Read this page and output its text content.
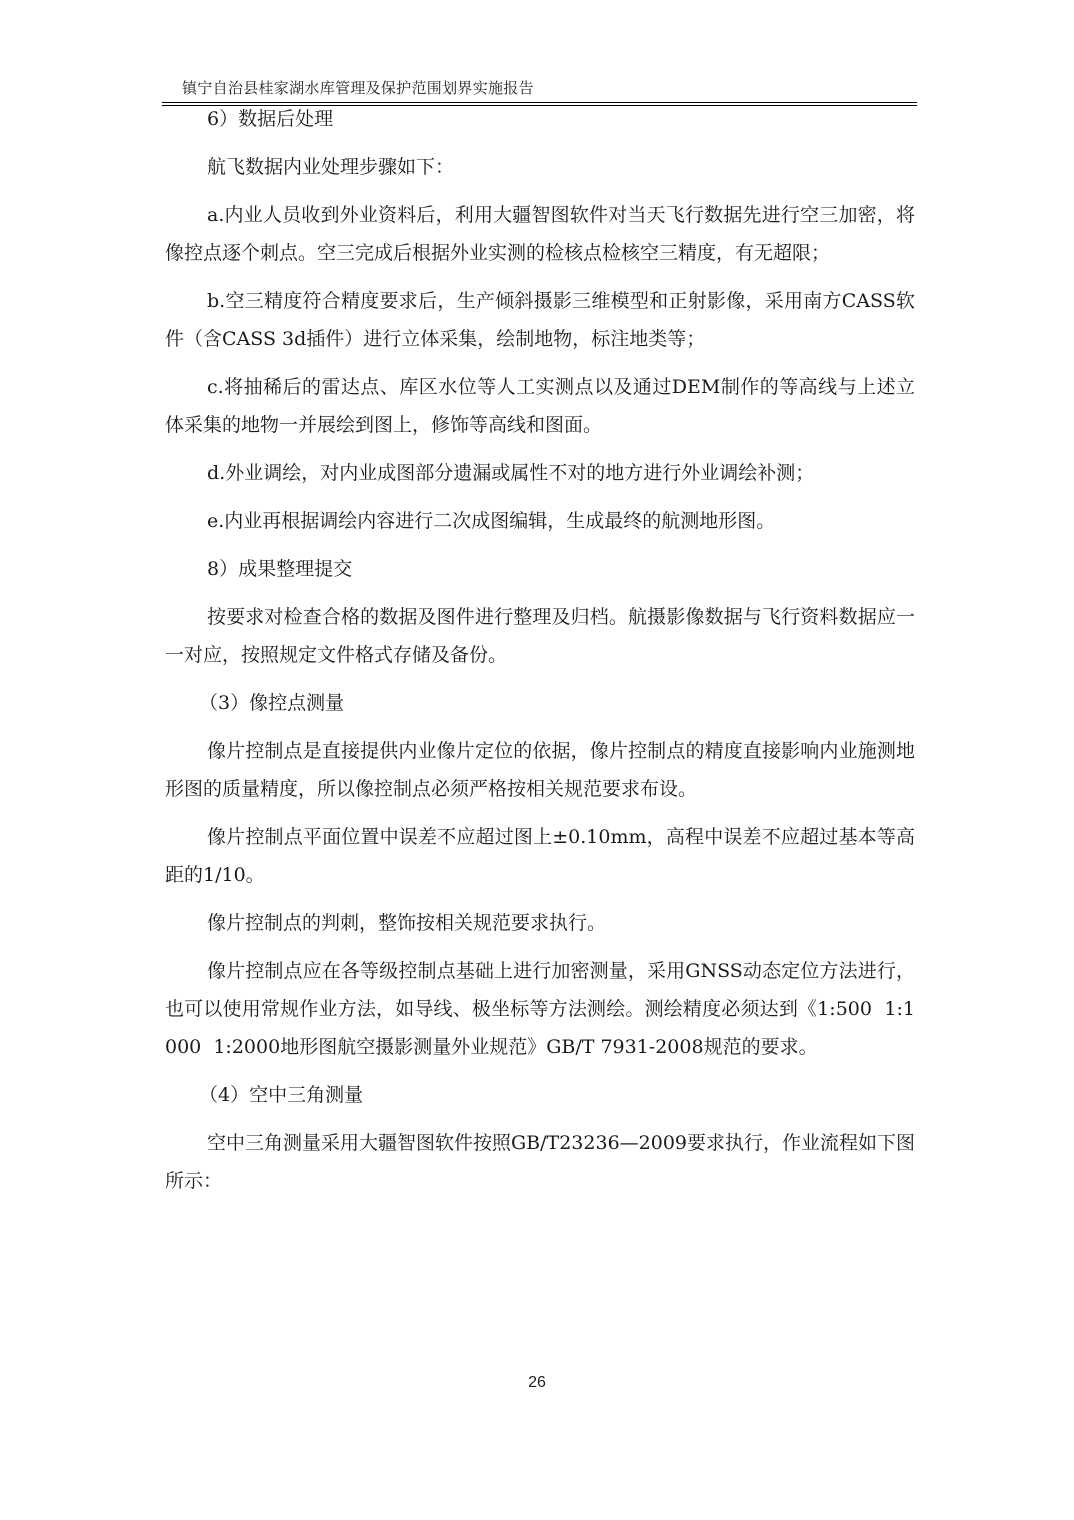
镇宁自治县桂家湖水库管理及保护范围划界实施报告

6）数据后处理

航飞数据内业处理步骤如下：

a.内业人员收到外业资料后，利用大疆智图软件对当天飞行数据先进行空三加密，将像控点逐个刺点。空三完成后根据外业实测的检核点检核空三精度，有无超限；

b.空三精度符合精度要求后，生产倾斜摄影三维模型和正射影像，采用南方CASS软件（含CASS 3d插件）进行立体采集，绘制地物，标注地类等；

c.将抽稀后的雷达点、库区水位等人工实测点以及通过DEM制作的等高线与上述立体采集的地物一并展绘到图上，修饰等高线和图面。

d.外业调绘，对内业成图部分遗漏或属性不对的地方进行外业调绘补测；

e.内业再根据调绘内容进行二次成图编辑，生成最终的航测地形图。

8）成果整理提交

按要求对检查合格的数据及图件进行整理及归档。航摄影像数据与飞行资料数据应一一对应，按照规定文件格式存储及备份。

（3）像控点测量

像片控制点是直接提供内业像片定位的依据，像片控制点的精度直接影响内业施测地形图的质量精度，所以像控制点必须严格按相关规范要求布设。

像片控制点平面位置中误差不应超过图上±0.10mm，高程中误差不应超过基本等高距的1/10。

像片控制点的判刺，整饰按相关规范要求执行。

像片控制点应在各等级控制点基础上进行加密测量，采用GNSS动态定位方法进行，也可以使用常规作业方法，如导线、极坐标等方法测绘。测绘精度必须达到《1:500  1:1000  1:2000地形图航空摄影测量外业规范》GB/T 7931-2008规范的要求。

（4）空中三角测量

空中三角测量采用大疆智图软件按照GB/T23236—2009要求执行，作业流程如下图所示：

26
